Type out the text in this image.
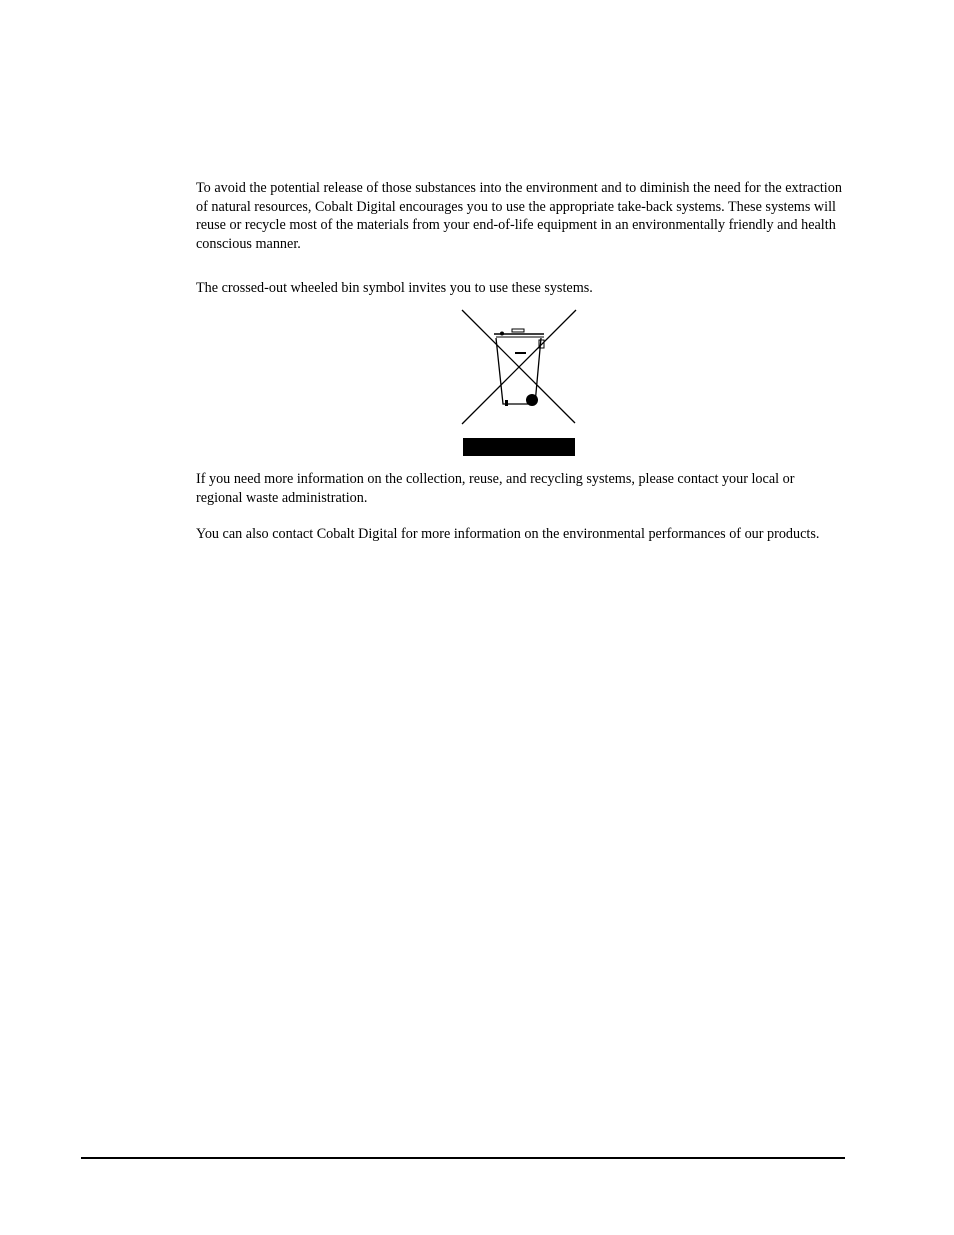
To avoid the potential release of those substances into the environment and to diminish the need for the extraction of natural resources, Cobalt Digital encourages you to use the appropriate take-back systems. These systems will reuse or recycle most of the materials from your end-of-life equipment in an environmentally friendly and health conscious manner.

The crossed-out wheeled bin symbol invites you to use these systems.

If you need more information on the collection, reuse, and recycling systems, please contact your local or regional waste administration.

You can also contact Cobalt Digital for more information on the environmental performances of our products.
